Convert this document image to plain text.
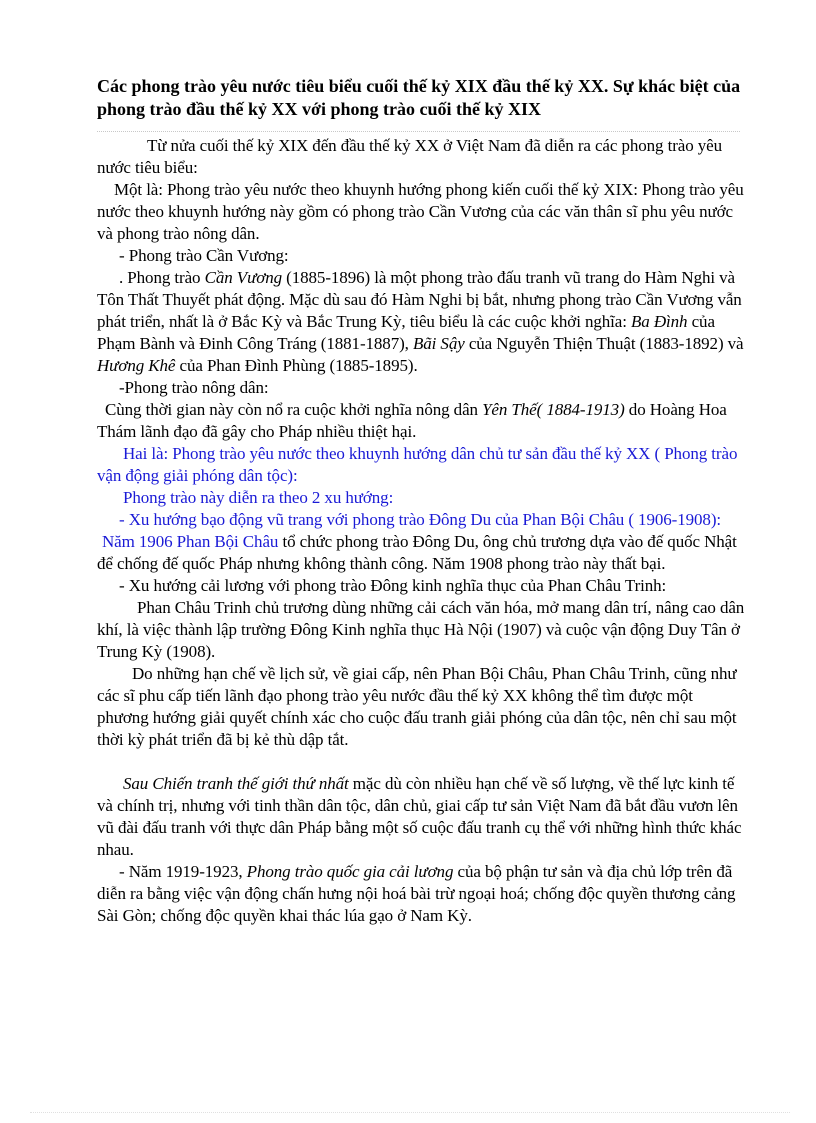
Các phong trào yêu nước tiêu biểu cuối thế kỷ XIX đầu thế kỷ XX. Sự khác biệt của phong trào đầu thế kỷ XX với phong trào cuối thế kỷ XIX

Từ nửa cuối thế kỷ XIX đến đầu thế kỷ XX ở Việt Nam đã diễn ra các phong trào yêu nước tiêu biểu:

Một là: Phong trào yêu nước theo khuynh hướng phong kiến cuối thế kỷ XIX: Phong trào yêu nước theo khuynh hướng này gồm có phong trào Cần Vương của các văn thân sĩ phu yêu nước và phong trào nông dân.

- Phong trào Cần Vương:

. Phong trào Cần Vương (1885-1896) là một phong trào đấu tranh vũ trang do Hàm Nghi và Tôn Thất Thuyết phát động. Mặc dù sau đó Hàm Nghi bị bắt, nhưng phong trào Cần Vương vẫn phát triển, nhất là ở Bắc Kỳ và Bắc Trung Kỳ, tiêu biểu là các cuộc khởi nghĩa: Ba Đình của Phạm Bành và Đinh Công Tráng (1881-1887), Bãi Sậy của Nguyễn Thiện Thuật (1883-1892) và Hương Khê của Phan Đình Phùng (1885-1895).

-Phong trào nông dân:

Cùng thời gian này còn nổ ra cuộc khởi nghĩa nông dân Yên Thế( 1884-1913) do Hoàng Hoa Thám lãnh đạo đã gây cho Pháp nhiều thiệt hại.

Hai là: Phong trào yêu nước theo khuynh hướng dân chủ tư sản đầu thế kỷ XX ( Phong trào vận động giải phóng dân tộc):

Phong trào này diễn ra theo 2 xu hướng:

- Xu hướng bạo động vũ trang với phong trào Đông Du của Phan Bội Châu ( 1906-1908):

Năm 1906 Phan Bội Châu tổ chức phong trào Đông Du, ông chủ trương dựa vào đế quốc Nhật để chống đế quốc Pháp nhưng không thành công. Năm 1908 phong trào này thất bại.

- Xu hướng cải lương với phong trào Đông kinh nghĩa thục của Phan Châu Trinh:

Phan Châu Trinh chủ trương dùng những cải cách văn hóa, mở mang dân trí, nâng cao dân khí, là việc thành lập trường Đông Kinh nghĩa thục Hà Nội (1907) và cuộc vận động Duy Tân ở Trung Kỳ (1908).

Do những hạn chế về lịch sử, về giai cấp, nên Phan Bội Châu, Phan Châu Trinh, cũng như các sĩ phu cấp tiến lãnh đạo phong trào yêu nước đầu thế kỷ XX không thể tìm được một phương hướng giải quyết chính xác cho cuộc đấu tranh giải phóng của dân tộc, nên chỉ sau một thời kỳ phát triển đã bị kẻ thù dập tắt.

Sau Chiến tranh thế giới thứ nhất mặc dù còn nhiều hạn chế về số lượng, về thế lực kinh tế và chính trị, nhưng với tinh thần dân tộc, dân chủ, giai cấp tư sản Việt Nam đã bắt đầu vươn lên vũ đài đấu tranh với thực dân Pháp bằng một số cuộc đấu tranh cụ thể với những hình thức khác nhau.

- Năm 1919-1923, Phong trào quốc gia cải lương của bộ phận tư sản và địa chủ lớp trên đã diễn ra bằng việc vận động chấn hưng nội hoá bài trừ ngoại hoá; chống độc quyền thương cảng Sài Gòn; chống độc quyền khai thác lúa gạo ở Nam Kỳ.
